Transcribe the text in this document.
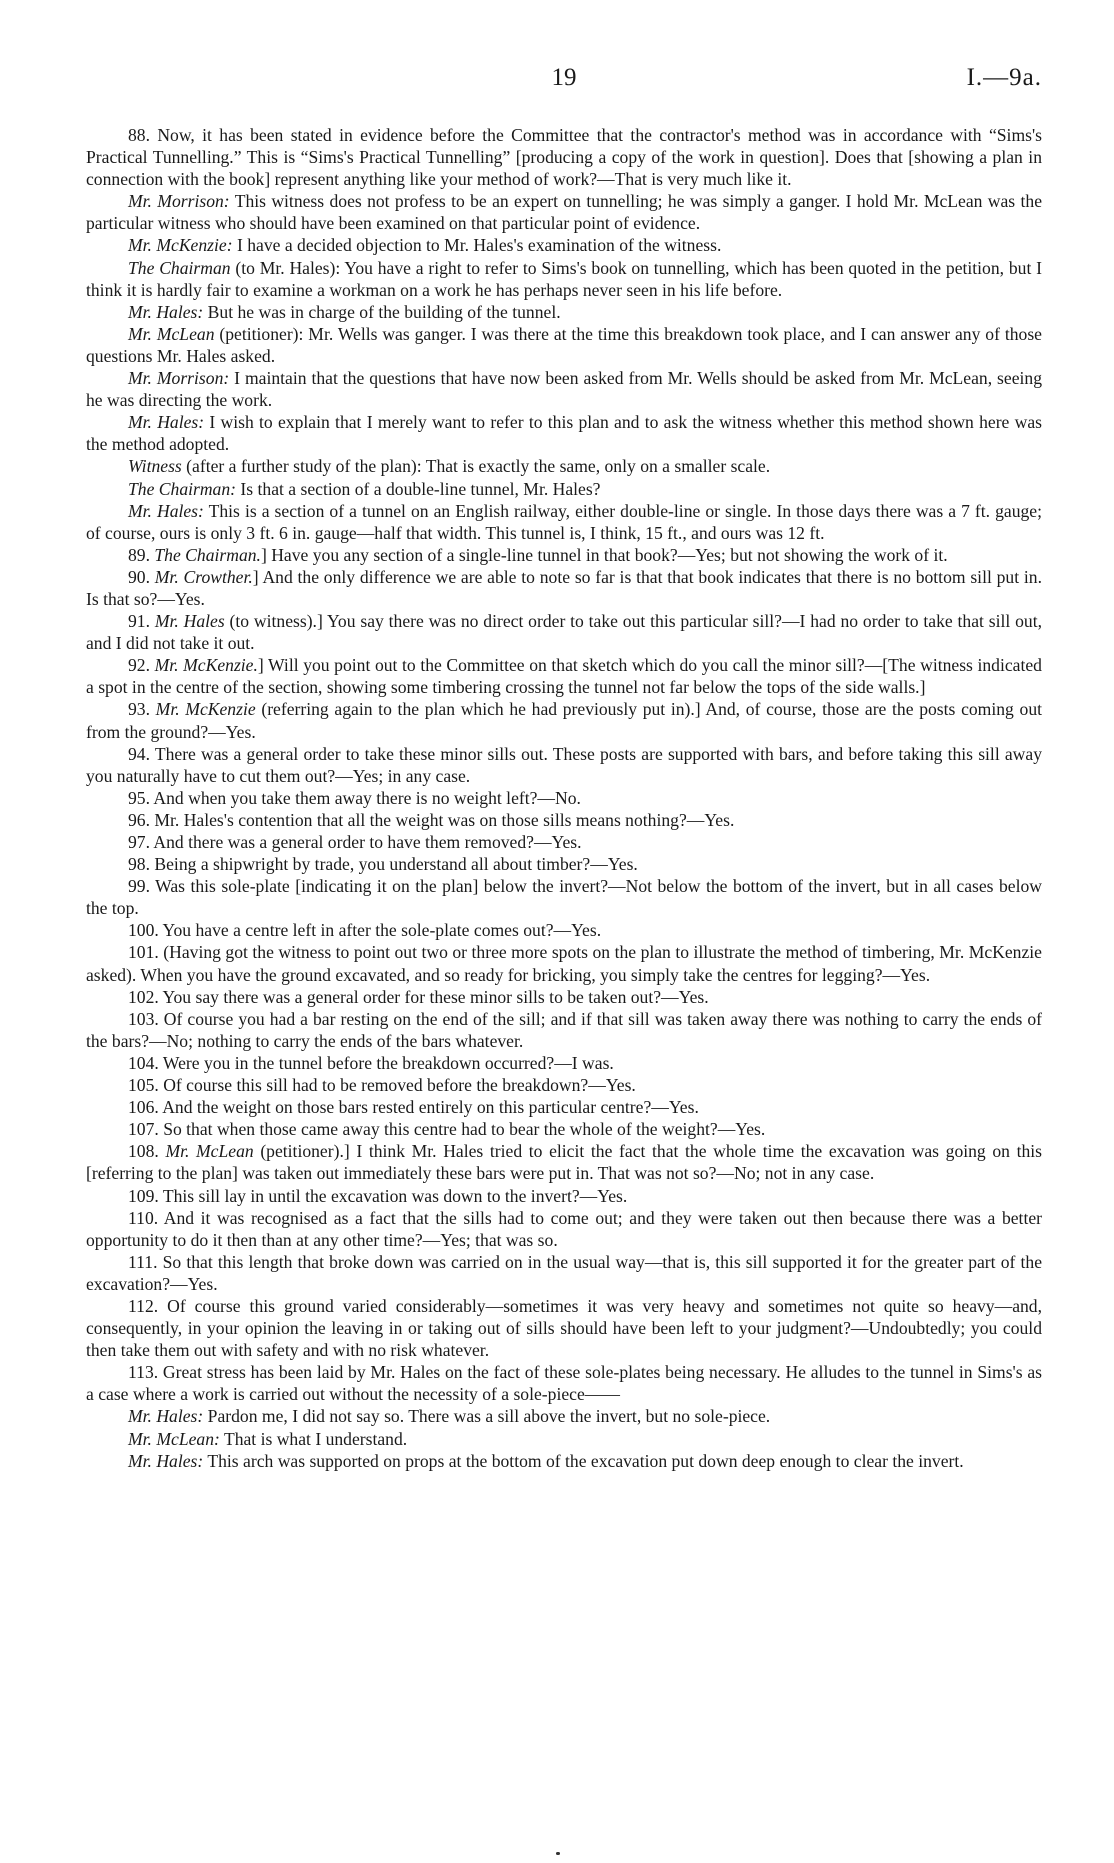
19	I.—9a.

88. Now, it has been stated in evidence before the Committee that the contractor's method was in accordance with “Sims's Practical Tunnelling.” This is “Sims's Practical Tunnelling” [producing a copy of the work in question]. Does that [showing a plan in connection with the book] represent anything like your method of work?—That is very much like it.

Mr. Morrison: This witness does not profess to be an expert on tunnelling; he was simply a ganger. I hold Mr. McLean was the particular witness who should have been examined on that particular point of evidence.

Mr. McKenzie: I have a decided objection to Mr. Hales's examination of the witness.

The Chairman (to Mr. Hales): You have a right to refer to Sims's book on tunnelling, which has been quoted in the petition, but I think it is hardly fair to examine a workman on a work he has perhaps never seen in his life before.

Mr. Hales: But he was in charge of the building of the tunnel.

Mr. McLean (petitioner): Mr. Wells was ganger. I was there at the time this breakdown took place, and I can answer any of those questions Mr. Hales asked.

Mr. Morrison: I maintain that the questions that have now been asked from Mr. Wells should be asked from Mr. McLean, seeing he was directing the work.

Mr. Hales: I wish to explain that I merely want to refer to this plan and to ask the witness whether this method shown here was the method adopted.

Witness (after a further study of the plan): That is exactly the same, only on a smaller scale.

The Chairman: Is that a section of a double-line tunnel, Mr. Hales?

Mr. Hales: This is a section of a tunnel on an English railway, either double-line or single. In those days there was a 7 ft. gauge; of course, ours is only 3 ft. 6 in. gauge—half that width. This tunnel is, I think, 15 ft., and ours was 12 ft.

89. The Chairman.] Have you any section of a single-line tunnel in that book?—Yes; but not showing the work of it.

90. Mr. Crowther.] And the only difference we are able to note so far is that that book indicates that there is no bottom sill put in. Is that so?—Yes.

91. Mr. Hales (to witness).] You say there was no direct order to take out this particular sill?—I had no order to take that sill out, and I did not take it out.

92. Mr. McKenzie.] Will you point out to the Committee on that sketch which do you call the minor sill?—[The witness indicated a spot in the centre of the section, showing some timbering crossing the tunnel not far below the tops of the side walls.]

93. Mr. McKenzie (referring again to the plan which he had previously put in).] And, of course, those are the posts coming out from the ground?—Yes.

94. There was a general order to take these minor sills out. These posts are supported with bars, and before taking this sill away you naturally have to cut them out?—Yes; in any case.

95. And when you take them away there is no weight left?—No.

96. Mr. Hales's contention that all the weight was on those sills means nothing?—Yes.

97. And there was a general order to have them removed?—Yes.

98. Being a shipwright by trade, you understand all about timber?—Yes.

99. Was this sole-plate [indicating it on the plan] below the invert?—Not below the bottom of the invert, but in all cases below the top.

100. You have a centre left in after the sole-plate comes out?—Yes.

101. (Having got the witness to point out two or three more spots on the plan to illustrate the method of timbering, Mr. McKenzie asked). When you have the ground excavated, and so ready for bricking, you simply take the centres for legging?—Yes.

102. You say there was a general order for these minor sills to be taken out?—Yes.

103. Of course you had a bar resting on the end of the sill; and if that sill was taken away there was nothing to carry the ends of the bars?—No; nothing to carry the ends of the bars whatever.

104. Were you in the tunnel before the breakdown occurred?—I was.

105. Of course this sill had to be removed before the breakdown?—Yes.

106. And the weight on those bars rested entirely on this particular centre?—Yes.

107. So that when those came away this centre had to bear the whole of the weight?—Yes.

108. Mr. McLean (petitioner).] I think Mr. Hales tried to elicit the fact that the whole time the excavation was going on this [referring to the plan] was taken out immediately these bars were put in. That was not so?—No; not in any case.

109. This sill lay in until the excavation was down to the invert?—Yes.

110. And it was recognised as a fact that the sills had to come out; and they were taken out then because there was a better opportunity to do it then than at any other time?—Yes; that was so.

111. So that this length that broke down was carried on in the usual way—that is, this sill supported it for the greater part of the excavation?—Yes.

112. Of course this ground varied considerably—sometimes it was very heavy and sometimes not quite so heavy—and, consequently, in your opinion the leaving in or taking out of sills should have been left to your judgment?—Undoubtedly; you could then take them out with safety and with no risk whatever.

113. Great stress has been laid by Mr. Hales on the fact of these sole-plates being necessary. He alludes to the tunnel in Sims's as a case where a work is carried out without the necessity of a sole-piece——

Mr. Hales: Pardon me, I did not say so. There was a sill above the invert, but no sole-piece.

Mr. McLean: That is what I understand.

Mr. Hales: This arch was supported on props at the bottom of the excavation put down deep enough to clear the invert.
